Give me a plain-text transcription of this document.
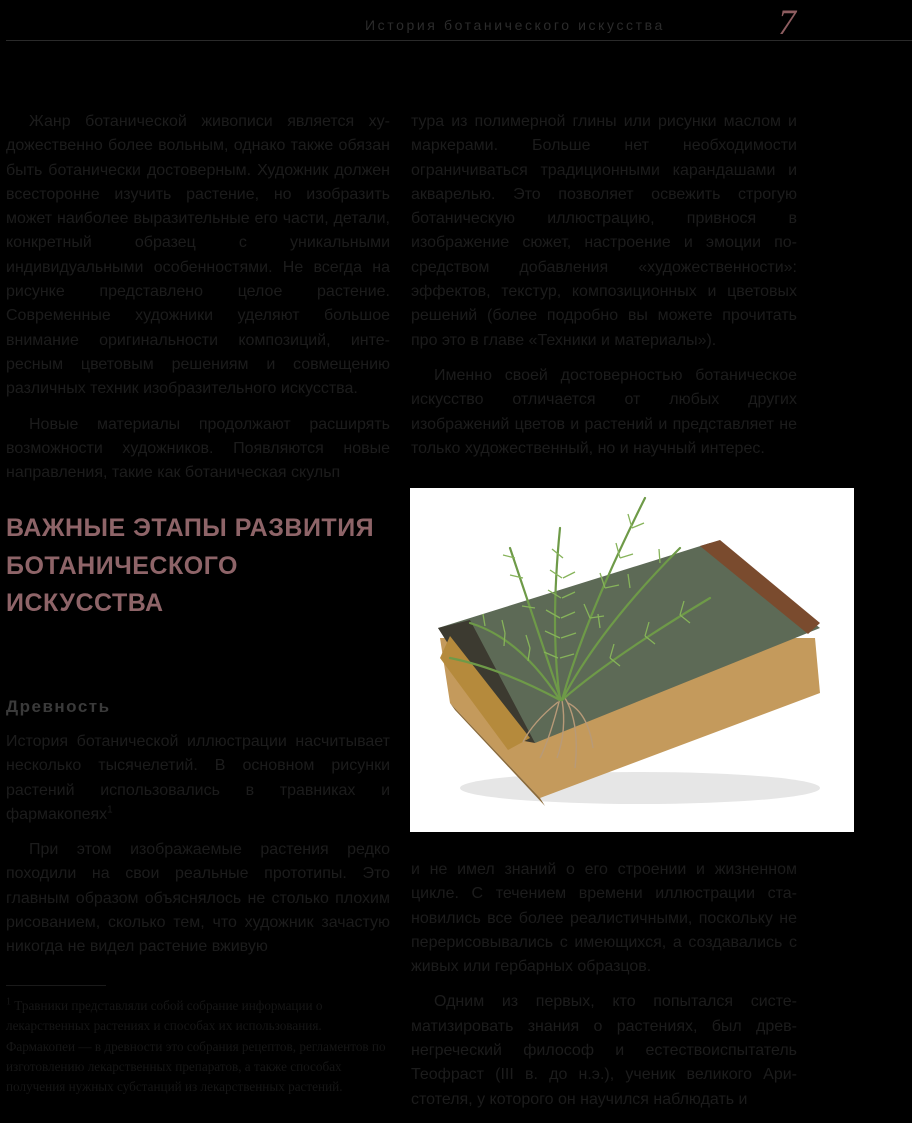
История ботанического искусства	7

Жанр ботанической живописи является художественно более вольным, однако также обязан быть ботанически достоверным. Художник должен всесторонне изучить растение, но изобразить может наиболее выразительные его части, детали, конкретный образец с уникальными индивидуальными особенностями. Не всегда на рисунке представлено целое растение. Современные художники уделяют большое внимание оригинальности композиций, интересным цветовым решениям и совмещению различных техник изобразительного искусства.

Новые материалы продолжают расширять возможности художников. Появляются новые направления, такие как ботаническая скульп

тура из полимерной глины или рисунки маслом и маркерами. Больше нет необходимости ограничиваться традиционными карандашами и акварелью. Это позволяет освежить строгую ботаническую иллюстрацию, привнося в изображение сюжет, настроение и эмоции посредством добавления «художественности»: эффектов, текстур, композиционных и цветовых решений (более подробно вы можете прочитать про это в главе «Техники и материалы»).

Именно своей достоверностью ботаническое искусство отличается от любых других изображений цветов и растений и представляет не только художественный, но и научный интерес.

ВАЖНЫЕ ЭТАПЫ РАЗВИТИЯ БОТАНИЧЕСКОГО ИСКУССТВА
Древность

История ботанической иллюстрации насчитывает несколько тысячелетий. В основном рисунки растений использовались в травниках и фармакопеях$^1$

При этом изображаемые растения редко походили на свои реальные прототипы. Это главным образом объяснялось не столько плохим рисованием, сколько тем, что художник зачастую никогда не видел растение вживую

и не имел знаний о его строении и жизненном цикле. С течением времени иллюстрации становились все более реалистичными, поскольку не перерисовывались с имеющихся, а создавались с живых или гербарных образцов.

Одним из первых, кто попытался систематизировать знания о растениях, был древнегреческий философ и естествоиспытатель Теофраст (III в. до н.э.), ученик великого Аристотеля, у которого он научился наблюдать и

$^1$ Травники представляли собой собрание информации о лекарственных растениях и способах их использования. Фармакопеи — в древности это собрания рецептов, регламентов по изготовлению лекарственных препаратов, а также способах получения нужных субстанций из лекарственных растений.
